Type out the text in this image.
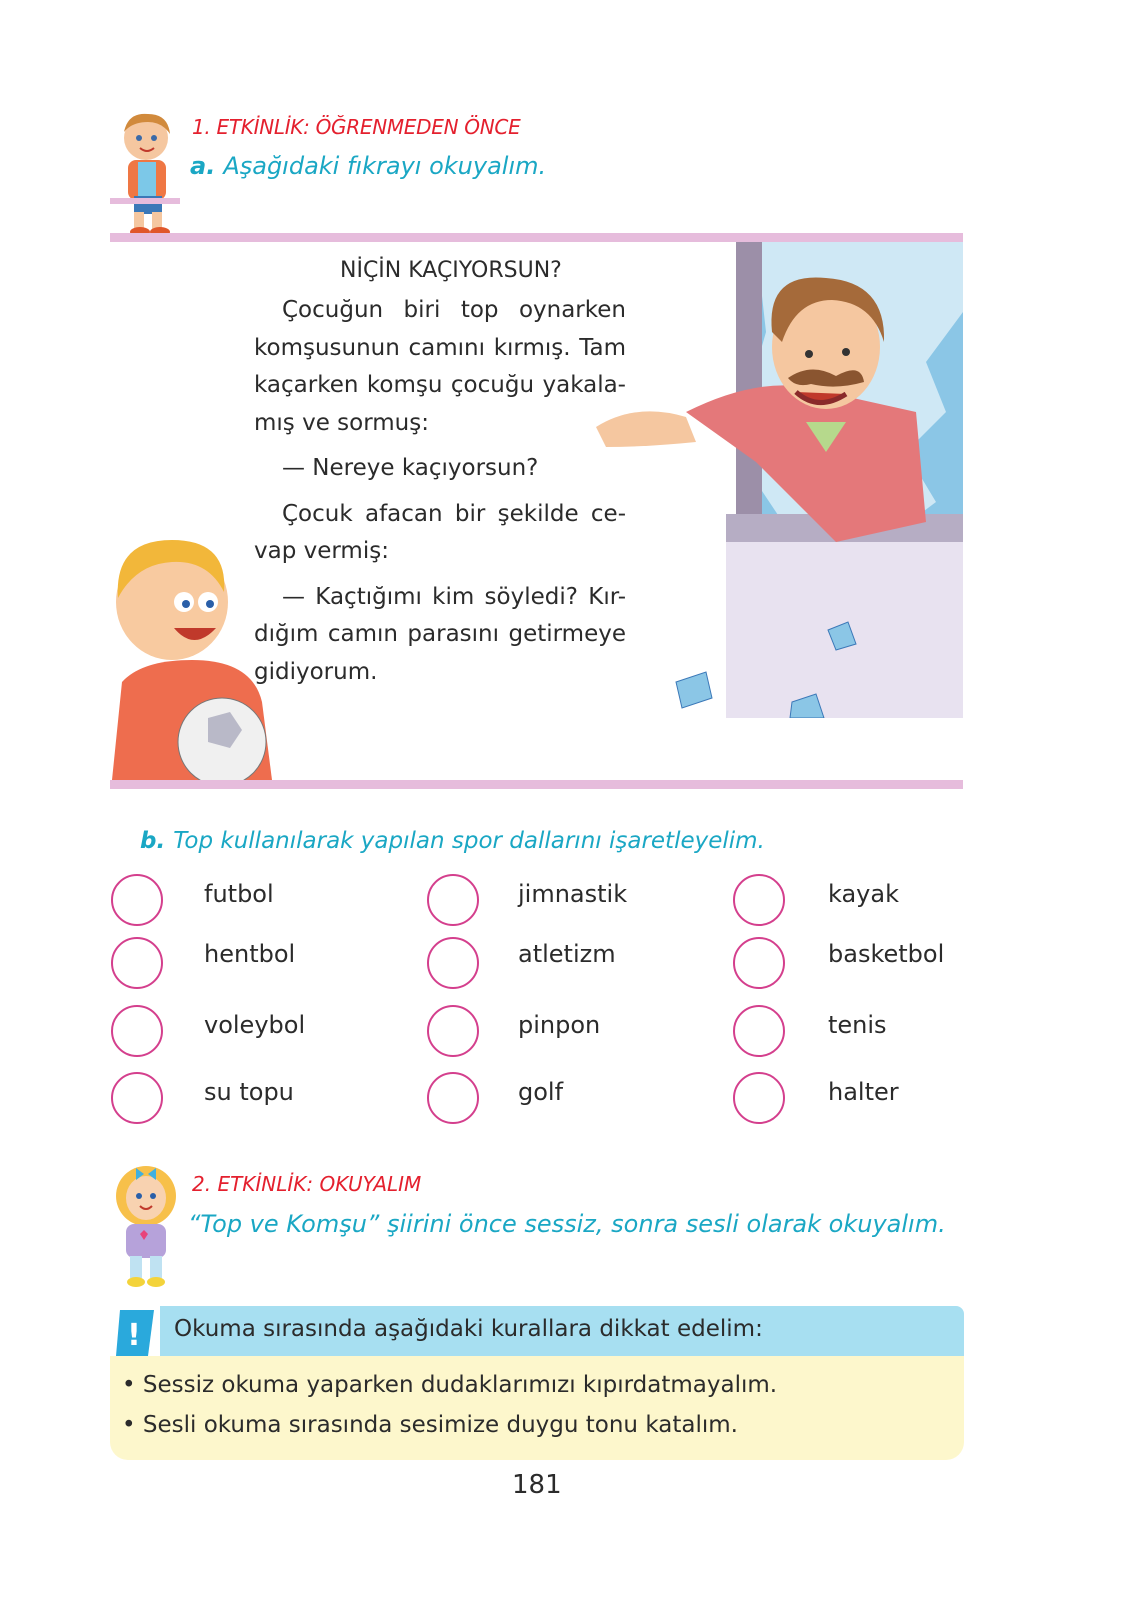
1. ETKİNLİK: ÖĞRENMEDEN ÖNCE
a. Aşağıdaki fıkrayı okuyalım.
NİÇİN KAÇIYORSUN?

Çocuğun biri top oynarken komşusunun camını kırmış. Tam kaçarken komşu çocuğu yakala-mış ve sormuş:

— Nereye kaçıyorsun?

Çocuk afacan bir şekilde ce-vap vermiş:

— Kaçtığımı kim söyledi? Kır-dığım camın parasını getirmeye gidiyorum.

b. Top kullanılarak yapılan spor dallarını işaretleyelim.
futbol	jimnastik	kayak
hentbol	atletizm	basketbol
voleybol	pinpon	tenis
su topu	golf	halter
2. ETKİNLİK: OKUYALIM
“Top ve Komşu” şiirini önce sessiz, sonra sesli olarak okuyalım.
Okuma sırasında aşağıdaki kurallara dikkat edelim:
!
• Sessiz okuma yaparken dudaklarımızı kıpırdatmayalım.
• Sesli okuma sırasında sesimize duygu tonu katalım.
181
